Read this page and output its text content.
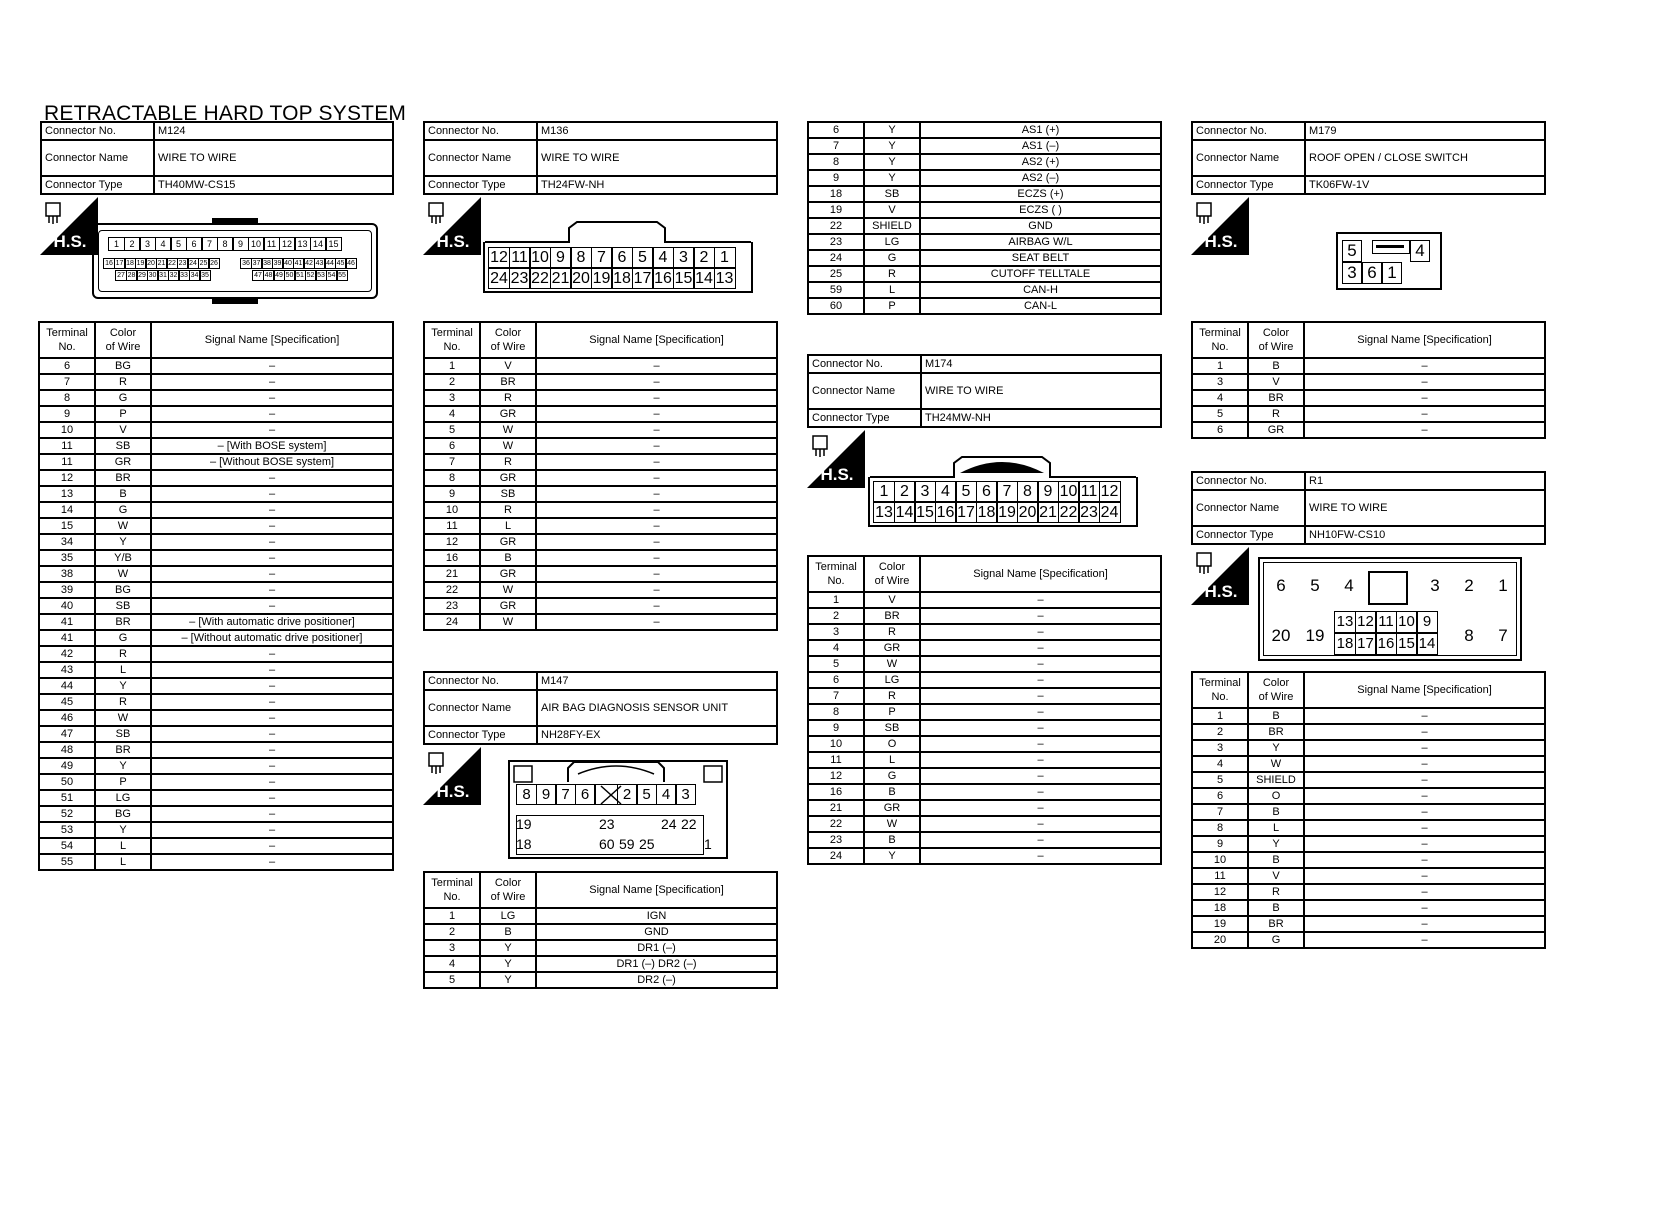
RETRACTABLE HARD TOP SYSTEM
Connector No.	M124
Connector Name	WIRE TO WIRE
Connector Type	TH40MW-CS15
H.S.	1	2	3	4	5	6	7	8	9 10 11 12 13 14 15
16 17 18 19 20 21 22 23 24 25 26	36 37 38 39 40 41 42 43 44 45 46
27 28 29 30 31 32 33 34 35	47 48 49 50 51 52 53 54 55
Terminal
No.	Color
of Wire	Signal Name [Specification]
6	BG	–
7	R	–
8	G	–
9	P	–
10	V	–
11	SB	– [With BOSE system]
11	GR	– [Without BOSE system]
12	BR	–
13	B	–
14	G	–
15	W	–
34	Y	–
35	Y/B	–
38	W	–
39	BG	–
40	SB	–
41	BR	– [With automatic drive positioner]
41	G	– [Without automatic drive positioner]
42	R	–
43	L	–
44	Y	–
45	R	–
46	W	–
47	SB	–
48	BR	–
49	Y	–
50	P	–
51	LG	–
52	BG	–
53	Y	–
54	L	–
55	L	–
Connector No.	M136
Connector Name	WIRE TO WIRE
Connector Type	TH24FW-NH
H.S.
12 11 10 9 8 7 6 5 4 3 2 1
24 23 22 21 20 19 18 17 16 15 14 13
Terminal
No.	Color
of Wire	Signal Name [Specification]
1	V	–
2	BR	–
3	R	–
4	GR	–
5	W	–
6	W	–
7	R	–
8	GR	–
9	SB	–
10	R	–
11	L	–
12	GR	–
16	B	–
21	GR	–
22	W	–
23	GR	–
24	W	–
Connector No.	M147
Connector Name	AIR BAG DIAGNOSIS SENSOR UNIT
Connector Type	NH28FY-EX
H.S.	8 9 7 6	2 5 4 3
19	23	24 22
18	60 59 25	1
Terminal
No.	Color
of Wire	Signal Name [Specification]
1	LG	IGN
2	B	GND
3	Y	DR1 (–)
4	Y	DR1 (–) DR2 (–)
5	Y	DR2 (–)
6	Y	AS1 (+)
7	Y	AS1 (–)
8	Y	AS2 (+)
9	Y	AS2 (–)
18	SB	ECZS (+)
19	V	ECZS ( )
22	SHIELD	GND
23	LG	AIRBAG W/L
24	G	SEAT BELT
25	R	CUTOFF TELLTALE
59	L	CAN-H
60	P	CAN-L
Connector No.	M174
Connector Name	WIRE TO WIRE
Connector Type	TH24MW-NH
H.S.
1 2 3 4 5 6 7 8 9 10 11 12
13 14 15 16 17 18 19 20 21 22 23 24
Terminal
No.	Color
of Wire	Signal Name [Specification]
1	V	–
2	BR	–
3	R	–
4	GR	–
5	W	–
6	LG	–
7	R	–
8	P	–
9	SB	–
10	O	–
11	L	–
12	G	–
16	B	–
21	GR	–
22	W	–
23	B	–
24	Y	–
Connector No.	M179
Connector Name	ROOF OPEN / CLOSE SWITCH
Connector Type	TK06FW-1V
H.S.	5	4
3 6 1
Terminal
No.	Color
of Wire	Signal Name [Specification]
1	B	–
3	V	–
4	BR	–
5	R	–
6	GR	–
Connector No.	R1
Connector Name	WIRE TO WIRE
Connector Type	NH10FW-CS10
H.S.	6	5	4	3	2	1
20 19	8	7
13 12 11 10 9
18 17 16 15 14
Terminal
No.	Color
of Wire	Signal Name [Specification]
1	B	–
2	BR	–
3	Y	–
4	W	–
5	SHIELD	–
6	O	–
7	B	–
8	L	–
9	Y	–
10	B	–
11	V	–
12	R	–
18	B	–
19	BR	–
20	G	–
